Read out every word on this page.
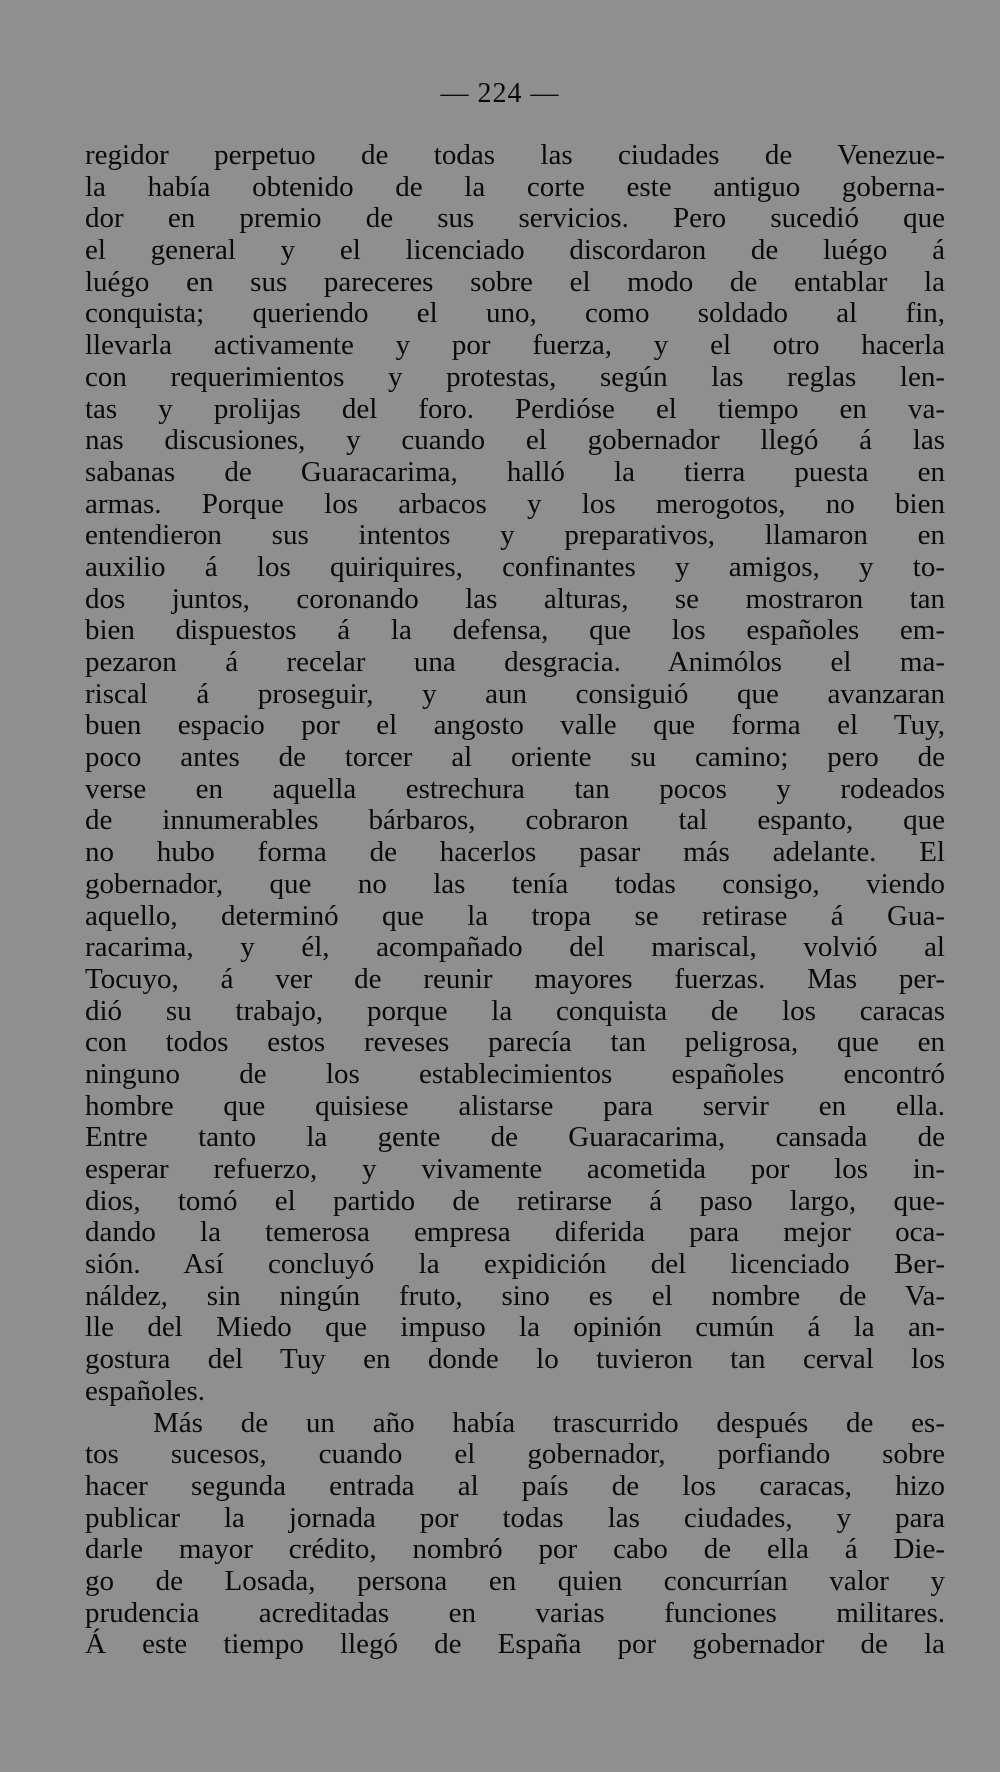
— 224 —
regidor perpetuo de todas las ciudades de Venezue-
la había obtenido de la corte este antiguo goberna-
dor en premio de sus servicios. Pero sucedió que
el general y el licenciado discordaron de luégo á
luégo en sus pareceres sobre el modo de entablar la
conquista; queriendo el uno, como soldado al fin,
llevarla activamente y por fuerza, y el otro hacerla
con requerimientos y protestas, según las reglas len-
tas y prolijas del foro. Perdióse el tiempo en va-
nas discusiones, y cuando el gobernador llegó á las
sabanas de Guaracarima, halló la tierra puesta en
armas. Porque los arbacos y los merogotos, no bien
entendieron sus intentos y preparativos, llamaron en
auxilio á los quiriquires, confinantes y amigos, y to-
dos juntos, coronando las alturas, se mostraron tan
bien dispuestos á la defensa, que los españoles em-
pezaron á recelar una desgracia. Animólos el ma-
riscal á proseguir, y aun consiguió que avanzaran
buen espacio por el angosto valle que forma el Tuy,
poco antes de torcer al oriente su camino; pero de
verse en aquella estrechura tan pocos y rodeados
de innumerables bárbaros, cobraron tal espanto, que
no hubo forma de hacerlos pasar más adelante. El
gobernador, que no las tenía todas consigo, viendo
aquello, determinó que la tropa se retirase á Gua-
racarima, y él, acompañado del mariscal, volvió al
Tocuyo, á ver de reunir mayores fuerzas. Mas per-
dió su trabajo, porque la conquista de los caracas
con todos estos reveses parecía tan peligrosa, que en
ninguno de los establecimientos españoles encontró
hombre que quisiese alistarse para servir en ella.
Entre tanto la gente de Guaracarima, cansada de
esperar refuerzo, y vivamente acometida por los in-
dios, tomó el partido de retirarse á paso largo, que-
dando la temerosa empresa diferida para mejor oca-
sión. Así concluyó la expidición del licenciado Ber-
náldez, sin ningún fruto, sino es el nombre de Va-
lle del Miedo que impuso la opinión cumún á la an-
gostura del Tuy en donde lo tuvieron tan cerval los
españoles.
Más de un año había trascurrido después de es-
tos sucesos, cuando el gobernador, porfiando sobre
hacer segunda entrada al país de los caracas, hizo
publicar la jornada por todas las ciudades, y para
darle mayor crédito, nombró por cabo de ella á Die-
go de Losada, persona en quien concurrían valor y
prudencia acreditadas en varias funciones militares.
Á este tiempo llegó de España por gobernador de la
